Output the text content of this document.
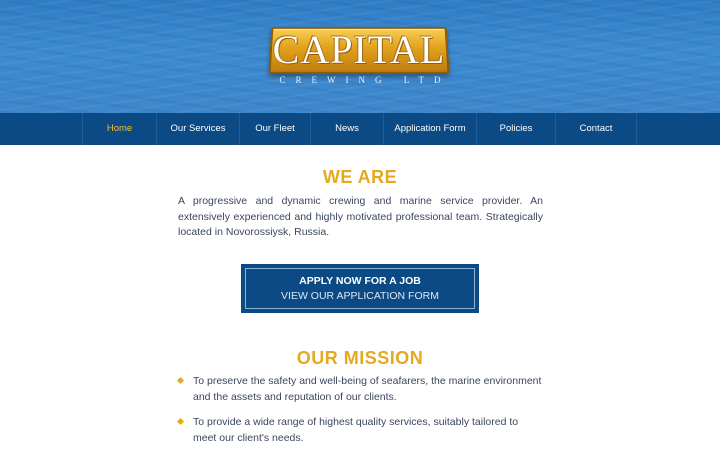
CAPITAL
CREWING LTD
Home	Our Services	Our Fleet	News	Application Form	Policies	Contact
WE ARE

A progressive and dynamic crewing and marine service provider. An extensively experienced and highly motivated professional team. Strategically located in Novorossiysk, Russia.

APPLY NOW FOR A JOB
VIEW OUR APPLICATION FORM
OUR MISSION
To preserve the safety and well-being of seafarers, the marine environment and the assets and reputation of our clients.
To provide a wide range of highest quality services, suitably tailored to meet our client's needs.
